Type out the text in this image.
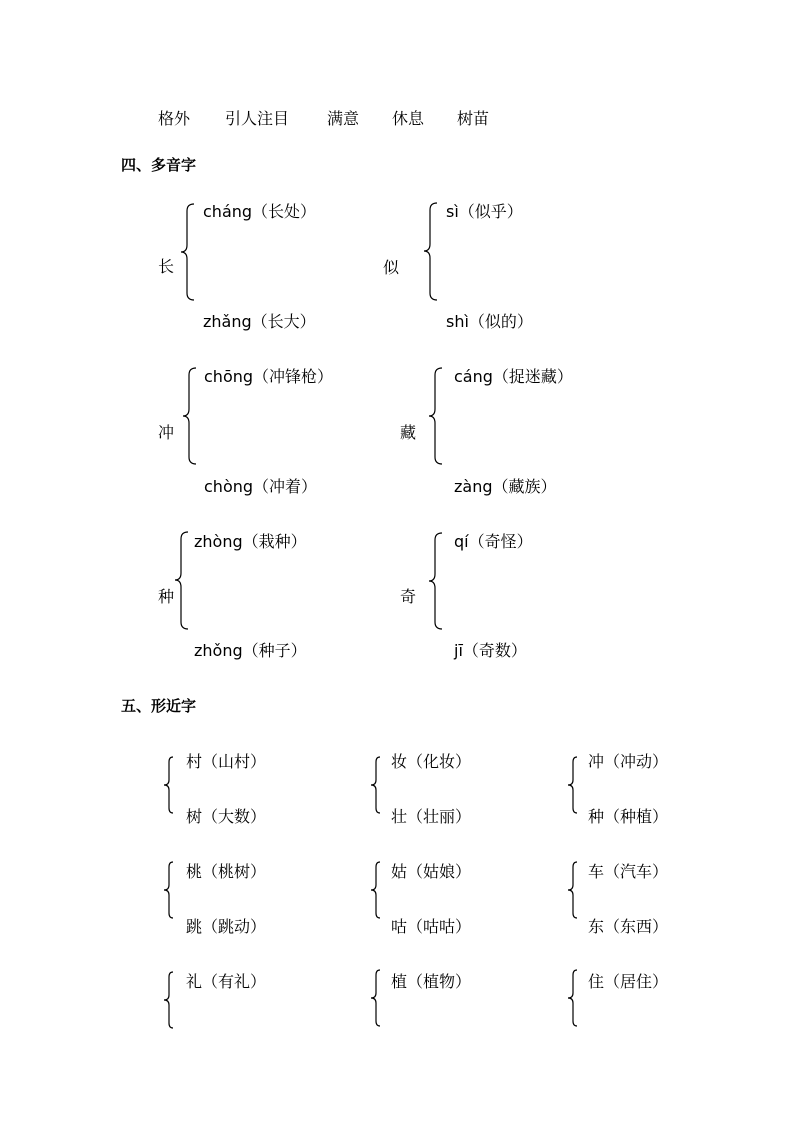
格外 引人注目 满意 休息 树苗
四、多音字
长
cháng（长处）
zhǎng（长大）
似
sì（似乎）
shì（似的）
冲
chōng（冲锋枪）
chòng（冲着）
藏
cáng（捉迷藏）
zàng（藏族）
种
zhòng（栽种）
zhǒng（种子）
奇
qí（奇怪）
jī（奇数）
五、形近字
村（山村）
树（大数）
妆（化妆）
壮（壮丽）
冲（冲动）
种（种植）
桃（桃树）
跳（跳动）
姑（姑娘）
咕（咕咕）
车（汽车）
东（东西）
礼（有礼）	植（植物）	住（居住）
